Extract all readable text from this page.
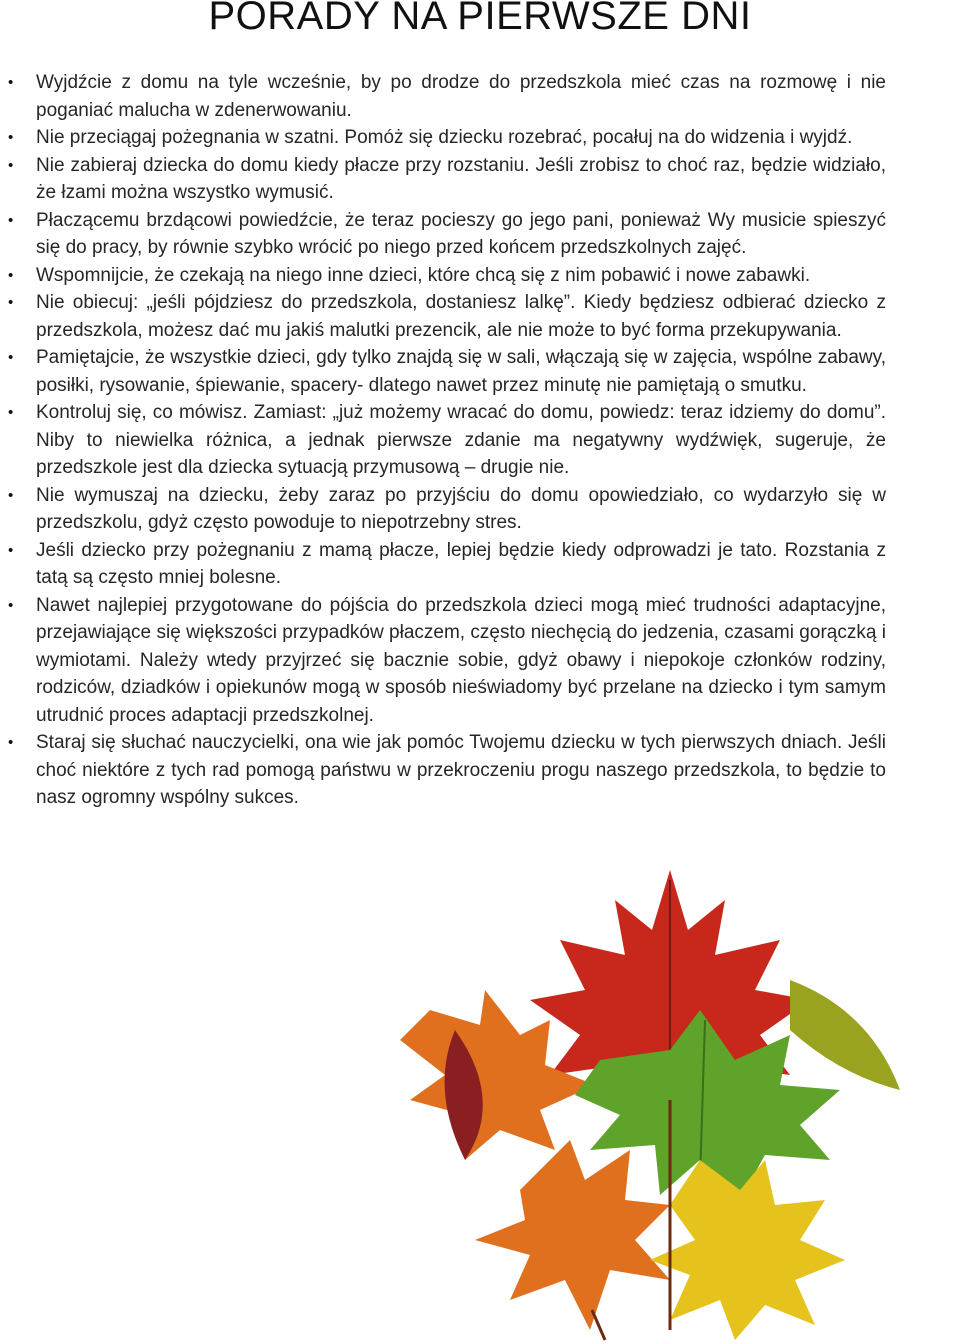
PORADY NA PIERWSZE DNI
• Wyjdźcie z domu na tyle wcześnie, by po drodze do przedszkola mieć czas na rozmowę i nie poganiać malucha w zdenerwowaniu.
• Nie przeciągaj pożegnania w szatni. Pomóż się dziecku rozebrać, pocałuj na do widzenia i wyjdź.
• Nie zabieraj dziecka do domu kiedy płacze przy rozstaniu. Jeśli zrobisz to choć raz, będzie widziało, że łzami można wszystko wymusić.
• Płaczącemu brzdącowi powiedźcie, że teraz pocieszy go jego pani, ponieważ Wy musicie spieszyć się do pracy, by równie szybko wrócić po niego przed końcem przedszkolnych zajęć.
• Wspomnijcie, że czekają na niego inne dzieci, które chcą się z nim pobawić i nowe zabawki.
• Nie obiecuj: „jeśli pójdziesz do przedszkola, dostaniesz lalkę”. Kiedy będziesz odbierać dziecko z przedszkola, możesz dać mu jakiś malutki prezencik, ale nie może to być forma przekupywania.
• Pamiętajcie, że wszystkie dzieci, gdy tylko znajdą się w sali, włączają się w zajęcia, wspólne zabawy, posiłki, rysowanie, śpiewanie, spacery- dlatego nawet przez minutę nie pamiętają o smutku.
• Kontroluj się, co mówisz. Zamiast: „już możemy wracać do domu, powiedz: teraz idziemy do domu”. Niby to niewielka różnica, a jednak pierwsze zdanie ma negatywny wydźwięk, sugeruje, że przedszkole jest dla dziecka sytuacją przymusową – drugie nie.
• Nie wymuszaj na dziecku, żeby zaraz po przyjściu do domu opowiedziało, co wydarzyło się w przedszkolu, gdyż często powoduje to niepotrzebny stres.
• Jeśli dziecko przy pożegnaniu z mamą płacze, lepiej będzie kiedy odprowadzi je tato. Rozstania z tatą są często mniej bolesne.
• Nawet najlepiej przygotowane do pójścia do przedszkola dzieci mogą mieć trudności adaptacyjne, przejawiające się większości przypadków płaczem, często niechęcią do jedzenia, czasami gorączką i wymiotami. Należy wtedy przyjrzeć się bacznie sobie, gdyż obawy i niepokoje członków rodziny, rodziców, dziadków i opiekunów mogą w sposób nieświadomy być przelane na dziecko i tym samym utrudnić proces adaptacji przedszkolnej.
• Staraj się słuchać nauczycielki, ona wie jak pomóc Twojemu dziecku w tych pierwszych dniach. Jeśli choć niektóre z tych rad pomogą państwu w przekroczeniu progu naszego przedszkola, to będzie to nasz ogromny wspólny sukces.
